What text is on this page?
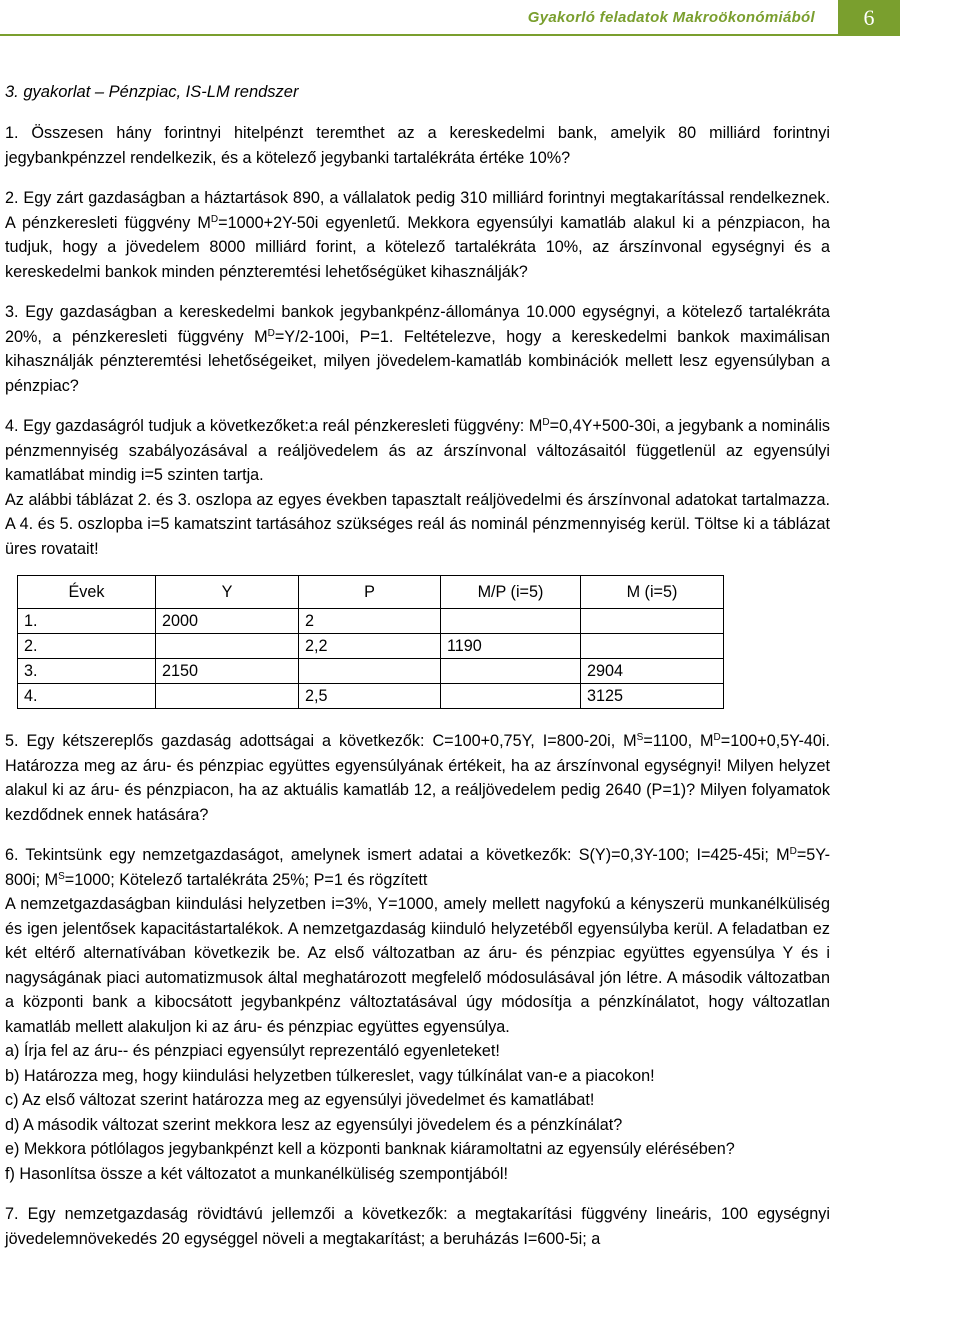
Gyakorló feladatok Makroökonómiából	6
3. gyakorlat – Pénzpiac, IS-LM rendszer

1. Összesen hány forintnyi hitelpénzt teremthet az a kereskedelmi bank, amelyik 80 milliárd forintnyi jegybankpénzzel rendelkezik, és a kötelező jegybanki tartalékráta értéke 10%?

2. Egy zárt gazdaságban a háztartások 890, a vállalatok pedig 310 milliárd forintnyi megtakarítással rendelkeznek. A pénzkeresleti függvény $M^D=1000+2Y-50i$ egyenletű. Mekkora egyensúlyi kamatláb alakul ki a pénzpiacon, ha tudjuk, hogy a jövedelem 8000 milliárd forint, a kötelező tartalékráta 10%, az árszínvonal egységnyi és a kereskedelmi bankok minden pénzteremtési lehetőségüket kihasználják?

3. Egy gazdaságban a kereskedelmi bankok jegybankpénz-állománya 10.000 egységnyi, a kötelező tartalékráta 20%, a pénzkeresleti függvény $M^D=Y/2-100i$, P=1. Feltételezve, hogy a kereskedelmi bankok maximálisan kihasználják pénzteremtési lehetőségeiket, milyen jövedelem-kamatláb kombinációk mellett lesz egyensúlyban a pénzpiac?

4. Egy gazdaságról tudjuk a következőket:a reál pénzkeresleti függvény: $M^D=0,4Y+500-30i$, a jegybank a nominális pénzmennyiség szabályozásával a reáljövedelem ás az árszínvonal változásaitól függetlenül az egyensúlyi kamatlábat mindig i=5 szinten tartja.

Az alábbi táblázat 2. és 3. oszlopa az egyes években tapasztalt reáljövedelmi és árszínvonal adatokat tartalmazza. A 4. és 5. oszlopba i=5 kamatszint tartásához szükséges reál ás nominál pénzmennyiség kerül. Töltse ki a táblázat üres rovatait!

Évek	Y	P	M/P (i=5)	M (i=5)
1.	2000	2		
2.		2,2	1190	
3.	2150			2904
4.		2,5		3125

5. Egy kétszereplős gazdaság adottságai a következők: C=100+0,75Y, I=800-20i, $M^S=1100$, $M^D=100+0,5Y-40i$. Határozza meg az áru- és pénzpiac együttes egyensúlyának értékeit, ha az árszínvonal egységnyi! Milyen helyzet alakul ki az áru- és pénzpiacon, ha az aktuális kamatláb 12, a reáljövedelem pedig 2640 (P=1)? Milyen folyamatok kezdődnek ennek hatására?

6. Tekintsünk egy nemzetgazdaságot, amelynek ismert adatai a következők: S(Y)=0,3Y-100; I=425-45i; $M^D=5Y-800i$; $M^S=1000$; Kötelező tartalékráta 25%; P=1 és rögzített

A nemzetgazdaságban kiindulási helyzetben i=3%, Y=1000, amely mellett nagyfokú a kényszerü munkanélküliség és igen jelentősek kapacitástartalékok. A nemzetgazdaság kiinduló helyzetéből egyensúlyba kerül. A feladatban ez két eltérő alternatívában következik be. Az első változatban az áru- és pénzpiac együttes egyensúlya Y és i nagyságának piaci automatizmusok által meghatározott megfelelő módosulásával jón létre. A második változatban a központi bank a kibocsátott jegybankpénz változtatásával úgy módosítja a pénzkínálatot, hogy változatlan kamatláb mellett alakuljon ki az áru- és pénzpiac együttes egyensúlya.

a) Írja fel az áru-- és pénzpiaci egyensúlyt reprezentáló egyenleteket!

b) Határozza meg, hogy kiindulási helyzetben túlkereslet, vagy túlkínálat van-e a piacokon!

c) Az első változat szerint határozza meg az egyensúlyi jövedelmet és kamatlábat!

d) A második változat szerint mekkora lesz az egyensúlyi jövedelem és a pénzkínálat?

e) Mekkora pótlólagos jegybankpénzt kell a központi banknak kiáramoltatni az egyensúly elérésében?

f) Hasonlítsa össze a két változatot a munkanélküliség szempontjából!

7. Egy nemzetgazdaság rövidtávú jellemzői a következők: a megtakarítási függvény lineáris, 100 egységnyi jövedelemnövekedés 20 egységgel növeli a megtakarítást; a beruházás I=600-5i; a
